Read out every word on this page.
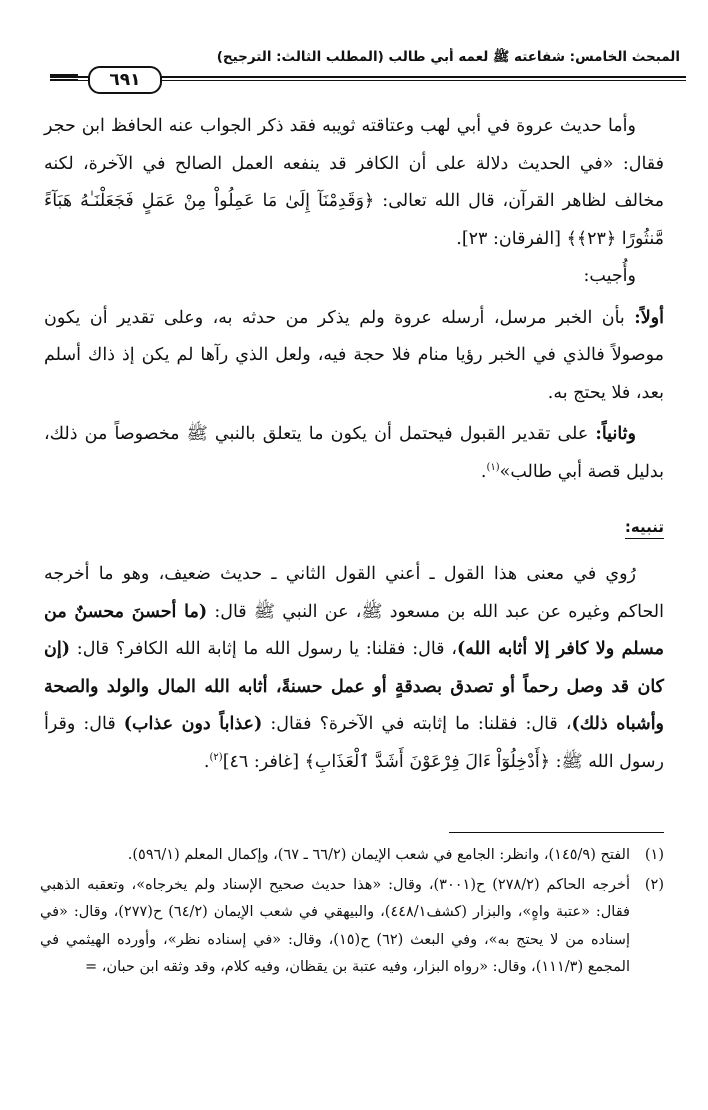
المبحث الخامس: شفاعته ﷺ لعمه أبي طالب (المطلب الثالث: الترجيح)
٦٩١

وأما حديث عروة في أبي لهب وعتاقته ثويبه فقد ذكر الجواب عنه الحافظ ابن حجر فقال: «في الحديث دلالة على أن الكافر قد ينفعه العمل الصالح في الآخرة، لكنه مخالف لظاهر القرآن، قال الله تعالى: ﴿وَقَدِمْنَآ إِلَىٰ مَا عَمِلُواْ مِنْ عَمَلٍ فَجَعَلْنَـٰهُ هَبَآءً مَّنثُورًا ﴿٢٣﴾﴾ [الفرقان: ٢٣].

وأُجيب:

أولاً: بأن الخبر مرسل، أرسله عروة ولم يذكر من حدثه به، وعلى تقدير أن يكون موصولاً فالذي في الخبر رؤيا منام فلا حجة فيه، ولعل الذي رآها لم يكن إذ ذاك أسلم بعد، فلا يحتج به.

وثانياً: على تقدير القبول فيحتمل أن يكون ما يتعلق بالنبي ﷺ مخصوصاً من ذلك، بدليل قصة أبي طالب»$^{(١)}$.

تنبيه:

رُوي في معنى هذا القول ـ أعني القول الثاني ـ حديث ضعيف، وهو ما أخرجه الحاكم وغيره عن عبد الله بن مسعود ﷺ، عن النبي ﷺ قال: (ما أحسنَ محسنٌ من مسلم ولا كافر إلا أثابه الله)، قال: فقلنا: يا رسول الله ما إثابة الله الكافر؟ قال: (إن كان قد وصل رحماً أو تصدق بصدقةٍ أو عمل حسنةً، أثابه الله المال والولد والصحة وأشباه ذلك)، قال: فقلنا: ما إثابته في الآخرة؟ فقال: (عذاباً دون عذاب) قال: وقرأ رسول الله ﷺ: ﴿أَدْخِلُوٓاْ ءَالَ فِرْعَوْنَ أَشَدَّ ٱلْعَذَابِ﴾ [غافر: ٤٦]$^{(٢)}$.

(١)
الفتح (١٤٥/٩)، وانظر: الجامع في شعب الإيمان (٦٦/٢ ـ ٦٧)، وإكمال المعلم (٥٩٦/١).
(٢)
أخرجه الحاكم (٢٧٨/٢) ح(٣٠٠١)، وقال: «هذا حديث صحيح الإسناد ولم يخرجاه»، وتعقبه الذهبي فقال: «عتبة واهٍ»، والبزار (كشف٤٤٨/١)، والبيهقي في شعب الإيمان (٦٤/٢) ح(٢٧٧)، وقال: «في إسناده من لا يحتج به»، وفي البعث (٦٢) ح(١٥)، وقال: «في إسناده نظر»، وأورده الهيثمي في المجمع (١١١/٣)، وقال: «رواه البزار، وفيه عتبة بن يقظان، وفيه كلام، وقد وثقه ابن حبان، =
